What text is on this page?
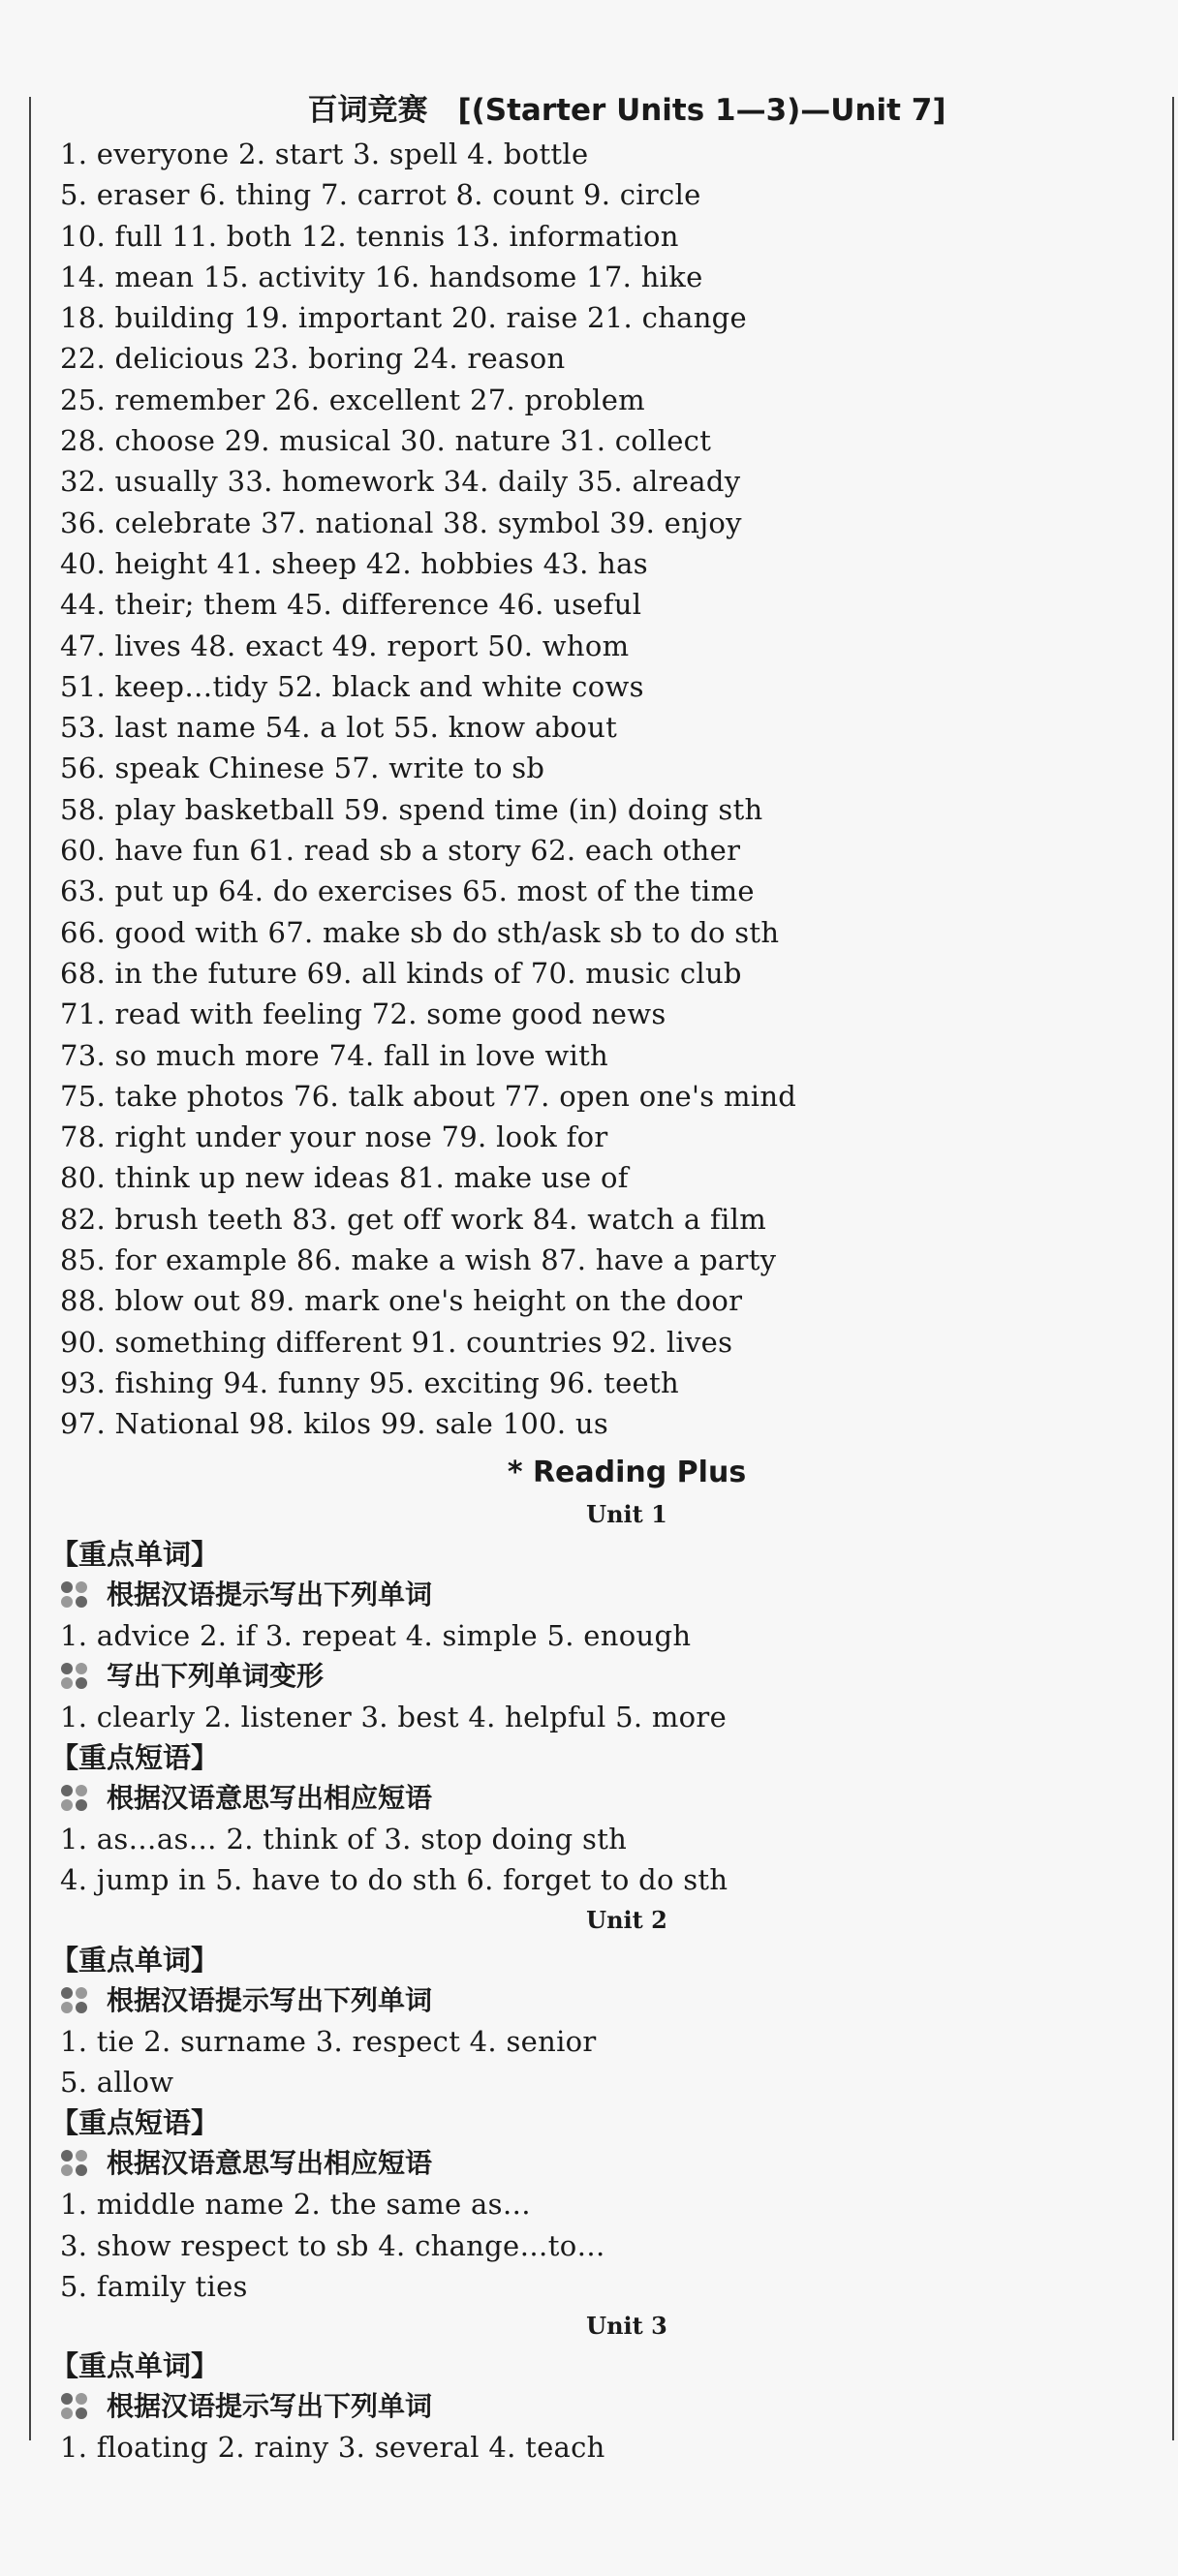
百词竞赛　[(Starter Units 1—3)—Unit 7]
1. everyone 2. start 3. spell 4. bottle
5. eraser 6. thing 7. carrot 8. count 9. circle
10. full 11. both 12. tennis 13. information
14. mean 15. activity 16. handsome 17. hike
18. building 19. important 20. raise 21. change
22. delicious 23. boring 24. reason
25. remember 26. excellent 27. problem
28. choose 29. musical 30. nature 31. collect
32. usually 33. homework 34. daily 35. already
36. celebrate 37. national 38. symbol 39. enjoy
40. height 41. sheep 42. hobbies 43. has
44. their; them 45. difference 46. useful
47. lives 48. exact 49. report 50. whom
51. keep…tidy 52. black and white cows
53. last name 54. a lot 55. know about
56. speak Chinese 57. write to sb
58. play basketball 59. spend time (in) doing sth
60. have fun 61. read sb a story 62. each other
63. put up 64. do exercises 65. most of the time
66. good with 67. make sb do sth/ask sb to do sth
68. in the future 69. all kinds of 70. music club
71. read with feeling 72. some good news
73. so much more 74. fall in love with
75. take photos 76. talk about 77. open one's mind
78. right under your nose 79. look for
80. think up new ideas 81. make use of
82. brush teeth 83. get off work 84. watch a film
85. for example 86. make a wish 87. have a party
88. blow out 89. mark one's height on the door
90. something different 91. countries 92. lives
93. fishing 94. funny 95. exciting 96. teeth
97. National 98. kilos 99. sale 100. us
* Reading Plus
Unit 1
【重点单词】
根据汉语提示写出下列单词
1. advice 2. if 3. repeat 4. simple 5. enough
写出下列单词变形
1. clearly 2. listener 3. best 4. helpful 5. more
【重点短语】
根据汉语意思写出相应短语
1. as…as… 2. think of 3. stop doing sth
4. jump in 5. have to do sth 6. forget to do sth
Unit 2
【重点单词】
根据汉语提示写出下列单词
1. tie 2. surname 3. respect 4. senior
5. allow
【重点短语】
根据汉语意思写出相应短语
1. middle name 2. the same as…
3. show respect to sb 4. change…to…
5. family ties
Unit 3
【重点单词】
根据汉语提示写出下列单词
1. floating 2. rainy 3. several 4. teach
